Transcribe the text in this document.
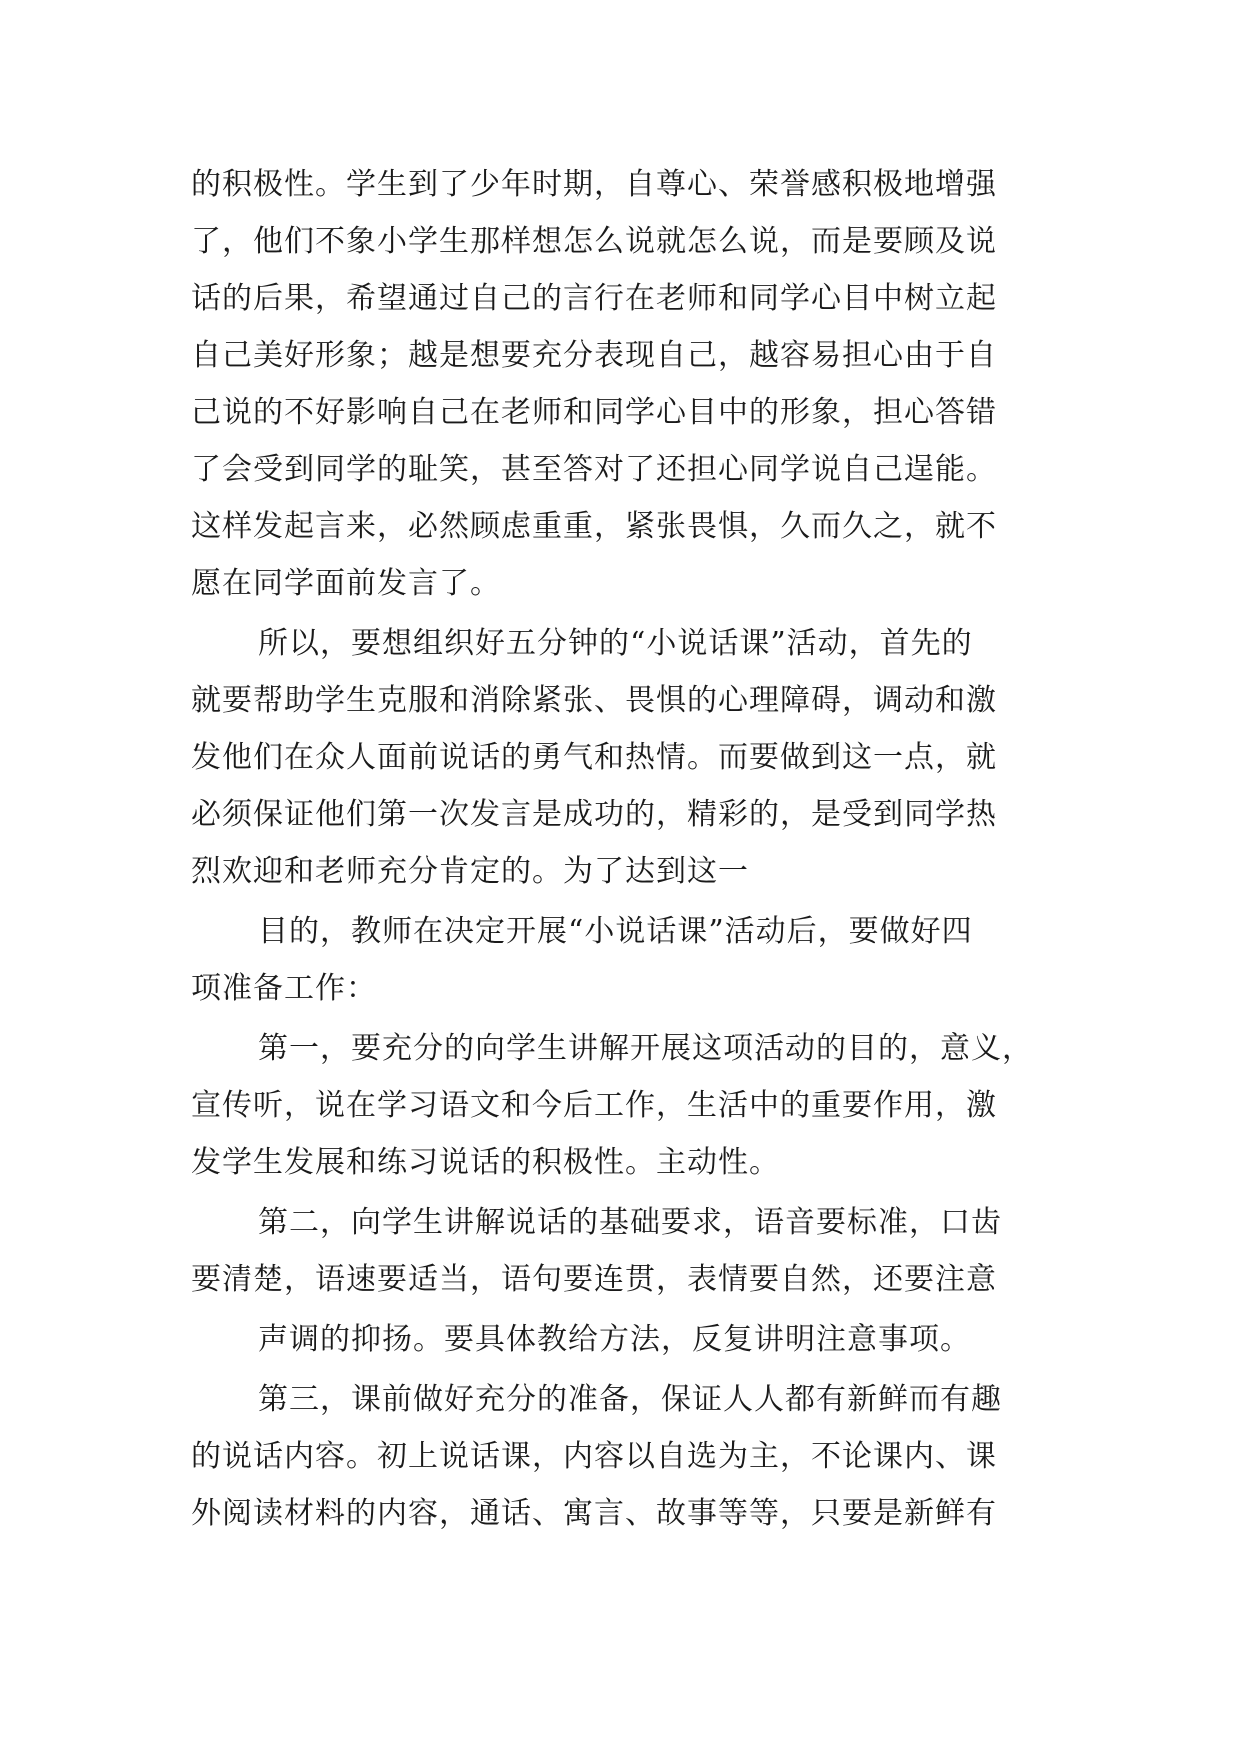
的积极性。学生到了少年时期，自尊心、荣誉感积极地增强
了，他们不象小学生那样想怎么说就怎么说，而是要顾及说
话的后果，希望通过自己的言行在老师和同学心目中树立起
自己美好形象；越是想要充分表现自己，越容易担心由于自
己说的不好影响自己在老师和同学心目中的形象，担心答错
了会受到同学的耻笑，甚至答对了还担心同学说自己逞能。
这样发起言来，必然顾虑重重，紧张畏惧，久而久之，就不
愿在同学面前发言了。
所以，要想组织好五分钟的“小说话课”活动，首先的
就要帮助学生克服和消除紧张、畏惧的心理障碍，调动和激
发他们在众人面前说话的勇气和热情。而要做到这一点，就
必须保证他们第一次发言是成功的，精彩的，是受到同学热
烈欢迎和老师充分肯定的。为了达到这一
目的，教师在决定开展“小说话课”活动后，要做好四
项准备工作：
第一，要充分的向学生讲解开展这项活动的目的，意义，
宣传听，说在学习语文和今后工作，生活中的重要作用，激
发学生发展和练习说话的积极性。主动性。
第二，向学生讲解说话的基础要求，语音要标准，口齿
要清楚，语速要适当，语句要连贯，表情要自然，还要注意
声调的抑扬。要具体教给方法，反复讲明注意事项。
第三，课前做好充分的准备，保证人人都有新鲜而有趣
的说话内容。初上说话课，内容以自选为主，不论课内、课
外阅读材料的内容，通话、寓言、故事等等，只要是新鲜有
